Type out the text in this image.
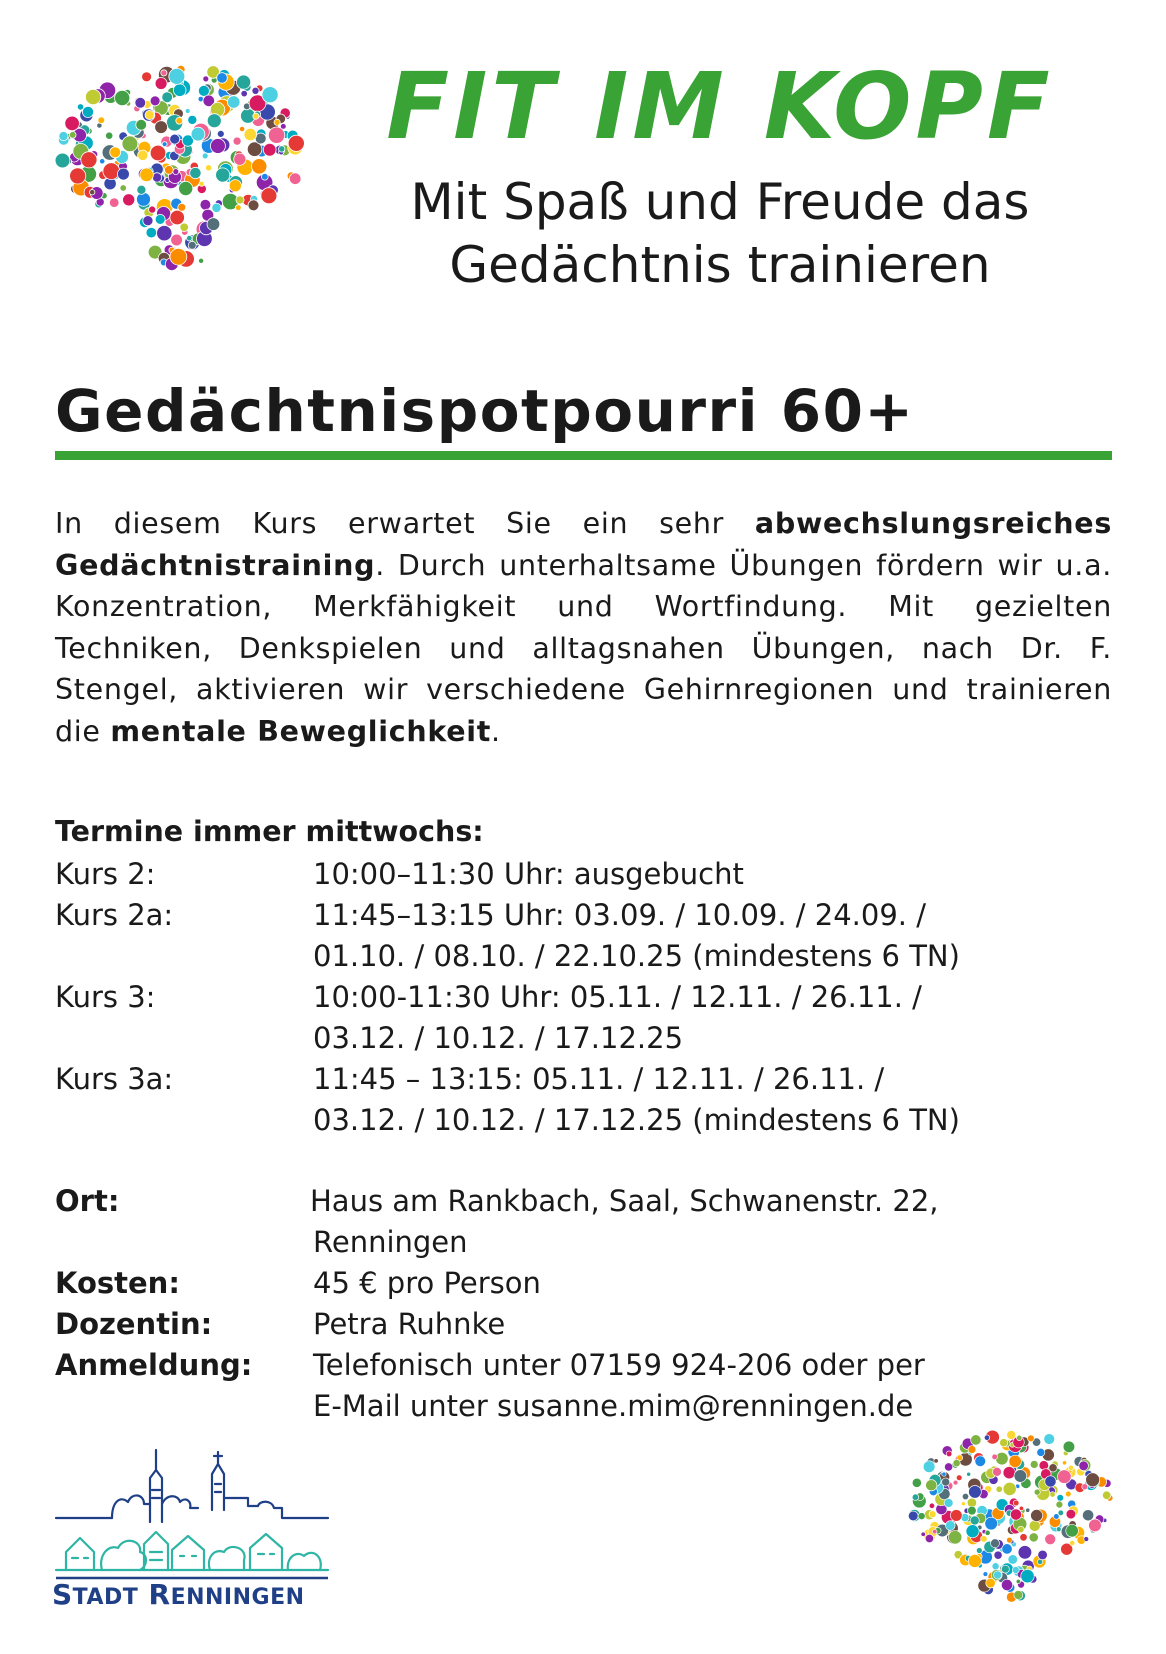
FIT IM KOPF
Mit Spaß und Freude das
Gedächtnis trainieren
Gedächtnispotpourri 60+
In diesem Kurs erwartet Sie ein sehr abwechslungsreiches Gedächtnistraining. Durch unterhaltsame Übungen fördern wir u.a. Konzentration, Merkfähigkeit und Wortfindung. Mit gezielten Techniken, Denkspielen und alltagsnahen Übungen, nach Dr. F. Stengel, aktivieren wir verschiedene Gehirnregionen und trainieren die mentale Beweglichkeit.
Termine immer mittwochs:
Kurs 2:	10:00–11:30 Uhr: ausgebucht
Kurs 2a:	11:45–13:15 Uhr: 03.09. / 10.09. / 24.09. /
01.10. / 08.10. / 22.10.25 (mindestens 6 TN)
Kurs 3:	10:00-11:30 Uhr: 05.11. / 12.11. / 26.11. /
03.12. / 10.12. / 17.12.25
Kurs 3a:	11:45 – 13:15: 05.11. / 12.11. / 26.11. /
03.12. / 10.12. / 17.12.25 (mindestens 6 TN)
Ort:	Haus am Rankbach, Saal, Schwanenstr. 22,
Renningen
Kosten:	45 € pro Person
Dozentin:	Petra Ruhnke
Anmeldung: Telefonisch unter 07159 924-206 oder per
E-Mail unter susanne.mim@renningen.de
STADT RENNINGEN
